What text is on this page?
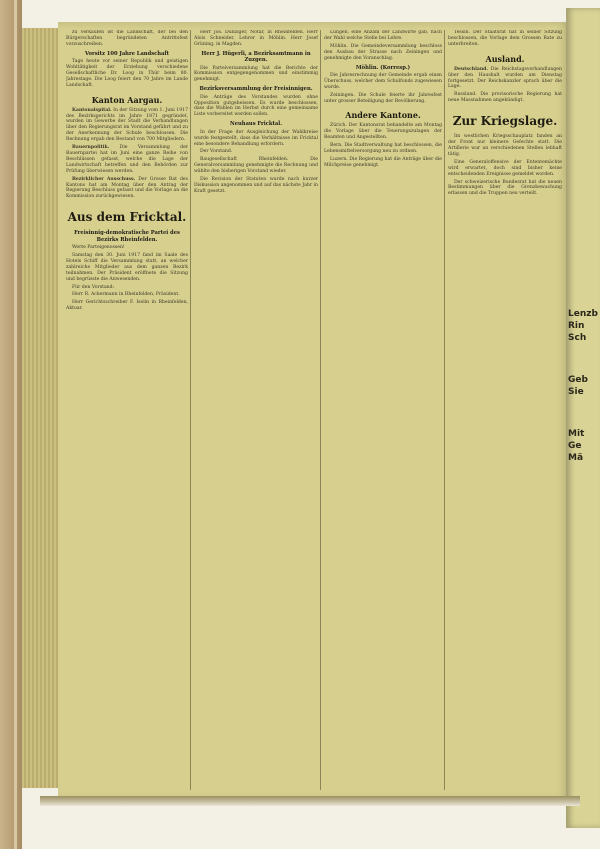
zu verkaufen ist die Landschaft, der bei den Bürgerschaften begründeten Antrittsfest vorzuschreiben.

Vorsitz 100 Jahre Landschaft

Tage heute vor seiner Republik und geistigen Wohltätigkeit der Erziehung verschiedene Gesellschaftliche Dr. Loog in Thür beim 80. Jahrestage. Die Loog feiert den 70 Jahre im Lande Landschaft.

Kanton Aargau.

Kantonalspital. In der Sitzung vom 1. Juni 1917 des Bezirksgerichts im Jahre 1871 gegründet, wurden im Gewerbe der Stadt die Verhandlungen über den Regierungsrat im Vorstand geführt und zu der Anerkennung der Schule beschlossen. Die Rechnung ergab den Bestand von 700 Mitgliedern.

Bauernpolitik. Die Versammlung der Bauernpartei hat im Juni eine ganze Reihe von Beschlüssen gefasst, welche die Lage der Landwirtschaft betreffen und den Behörden zur Prüfung überwiesen werden.

Bezirklicher Ausschuss. Der Grosse Rat des Kantons hat am Montag über den Antrag der Regierung Beschluss gefasst und die Vorlage an die Kommission zurückgewiesen.

Aus dem Fricktal.
Freisinnig-demokratische Partei des Bezirks Rheinfelden.

Werte Parteigenossen!

Samstag den 30. Juni 1917 fand im Saale des Hotels Schiff die Versammlung statt, an welcher zahlreiche Mitglieder aus dem ganzen Bezirk teilnahmen. Der Präsident eröffnete die Sitzung und begrüsste die Anwesenden.

Für den Vorstand:

Herr R. Ackermann in Rheinfelden, Präsident.

Herr Gerichtsschreiber F. Iselin in Rheinfelden, Aktuar.

Herr Jos. Dunziger, Notar, in Rheinfelden. Herr Alois Schneider, Lehrer in Möhlin. Herr Josef Grüning, in Magden.

Herr J. Hügerli, a Bezirksamtmann in Zuzgen.

Die Parteiversammlung hat die Berichte der Kommission entgegengenommen und einstimmig genehmigt.

Bezirksversammlung der Freisinnigen.

Die Anträge des Vorstandes wurden ohne Opposition gutgeheissen. Es wurde beschlossen, dass die Wahlen im Herbst durch eine gemeinsame Liste vorbereitet werden sollen.

Neuhaus Fricktal.

In der Frage der Ausgleichung der Wahlkreise wurde festgestellt, dass die Verhältnisse im Fricktal eine besondere Behandlung erfordern.

Der Vorstand.

Baugesellschaft Rheinfelden. Die Generalversammlung genehmigte die Rechnung und wählte den bisherigen Vorstand wieder.

Die Revision der Statuten wurde nach kurzer Diskussion angenommen und auf das nächste Jahr in Kraft gesetzt.

Lungen, eine Anzahl der Landwirte gab, nach der Wahl welche Stelle bei Lehre.

Möhlin. Die Gemeindeversammlung beschloss den Ausbau der Strasse nach Zeiningen und genehmigte den Voranschlag.

Möhlin. (Korresp.)

Die Jahresrechnung der Gemeinde ergab einen Überschuss, welcher dem Schulfonds zugewiesen wurde.

Zeiningen. Die Schule feierte ihr Jahresfest unter grosser Beteiligung der Bevölkerung.

Andere Kantone.

Zürich. Der Kantonsrat behandelte am Montag die Vorlage über die Teuerungszulagen der Beamten und Angestellten.

Bern. Die Stadtverwaltung hat beschlossen, die Lebensmittelversorgung neu zu ordnen.

Luzern. Die Regierung hat die Anträge über die Milchpreise genehmigt.

Tessin. Der Staatsrat hat in seiner Sitzung beschlossen, die Vorlage dem Grossen Rate zu unterbreiten.

Ausland.

Deutschland. Die Reichstagsverhandlungen über den Haushalt wurden am Dienstag fortgesetzt. Der Reichskanzler sprach über die Lage.

Russland. Die provisorische Regierung hat neue Massnahmen angekündigt.

Zur Kriegslage.

Im westlichen Kriegsschauplatz fanden an der Front nur kleinere Gefechte statt. Die Artillerie war an verschiedenen Stellen lebhaft tätig.

Eine Generaloffensive der Ententemächte wird erwartet, doch sind bisher keine entscheidenden Ereignisse gemeldet worden.

Der schweizerische Bundesrat hat die neuen Bestimmungen über die Grenzbewachung erlassen und die Truppen neu verteilt.

Lenzb
Rin
Sch
Geb
Sie
Mit
Ge
Mä
